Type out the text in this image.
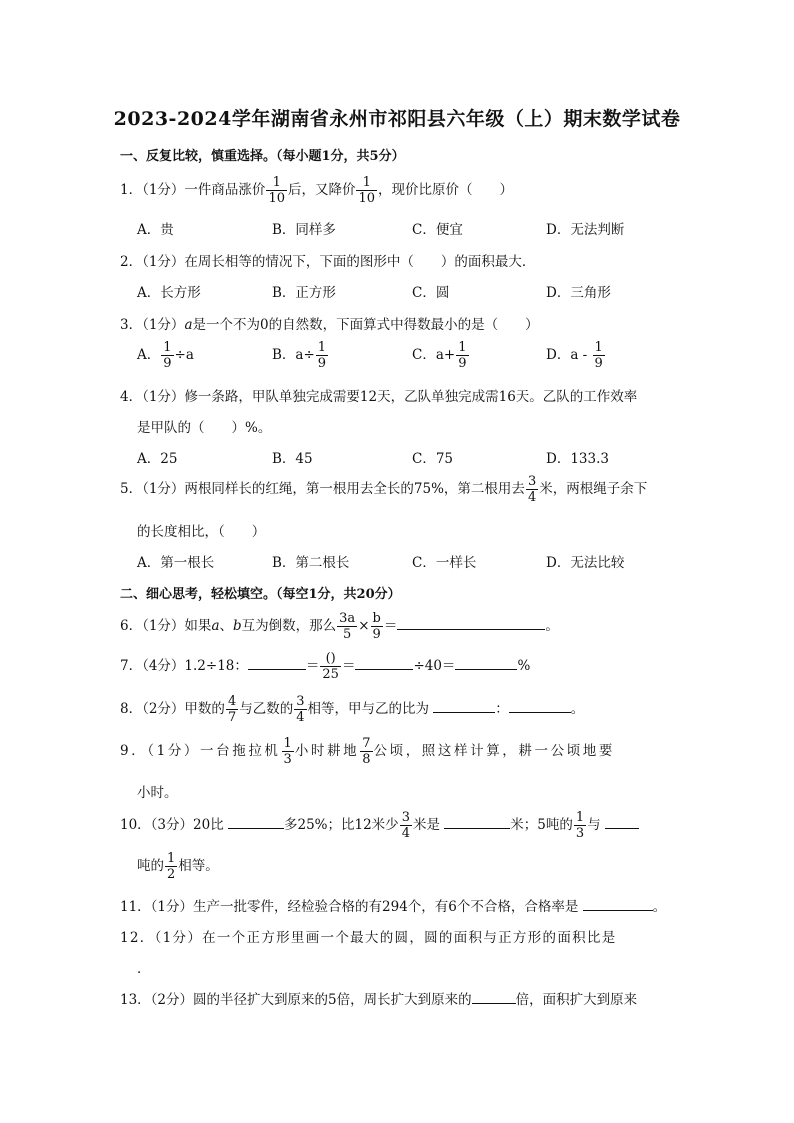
2023-2024学年湖南省永州市祁阳县六年级（上）期末数学试卷
一、反复比较，慎重选择。（每小题1分，共5分）
1．（1分）一件商品涨价 $\frac{1}{10}$ 后，又降价 $\frac{1}{10}$ ，现价比原价（　　）
A．贵	B．同样多	C．便宜	D．无法判断
2．（1分）在周长相等的情况下，下面的图形中（　　）的面积最大．
A．长方形	B．正方形	C．圆	D．三角形
3．（1分）a是一个不为0的自然数，下面算式中得数最小的是（　　）
A． $\frac{1}{9} \div a$	B．$a\div \frac{1}{9}$	C．$a+ \frac{1}{9}$	D．a - $\frac{1}{9}$
4．（1分）修一条路，甲队单独完成需要12天，乙队单独完成需16天。乙队的工作效率
是甲队的（　　）%。
A．25	B．45	C．75	D．133.3
5．（1分）两根同样长的红绳，第一根用去全长的75%，第二根用去 $\frac{3}{4}$ 米，两根绳子余下
的长度相比，（　　）
A．第一根长	B．第二根长	C．一样长	D．无法比较
二、细心思考，轻松填空。（每空1分，共20分）
6．（1分）如果a、b互为倒数，那么 $\frac{3a}{5} \times \frac{b}{9}$ ＝	。
7．（4分）1.2÷18：	＝ ()
25
＝	÷40＝	%
8．（2分）甲数的 $\frac{4}{7}$ 与乙数的 $\frac{3}{4}$ 相等，甲与乙的比为	：	。
9．（1分）一台拖拉机 $\frac{1}{3}$ 小时耕地 $\frac{7}{8}$ 公顷，照这样计算，耕一公顷地要
小时。
10．（3分）20比	多25%；比12米少 $\frac{3}{4}$ 米是	米；5吨的 $\frac{1}{3}$ 与
吨的 $\frac{1}{2}$ 相等。
11．（1分）生产一批零件，经检验合格的有294个，有6个不合格，合格率是	。
12．（1分）在一个正方形里画一个最大的圆，圆的面积与正方形的面积比是
．
13．（2分）圆的半径扩大到原来的5倍，周长扩大到原来的	倍，面积扩大到原来
